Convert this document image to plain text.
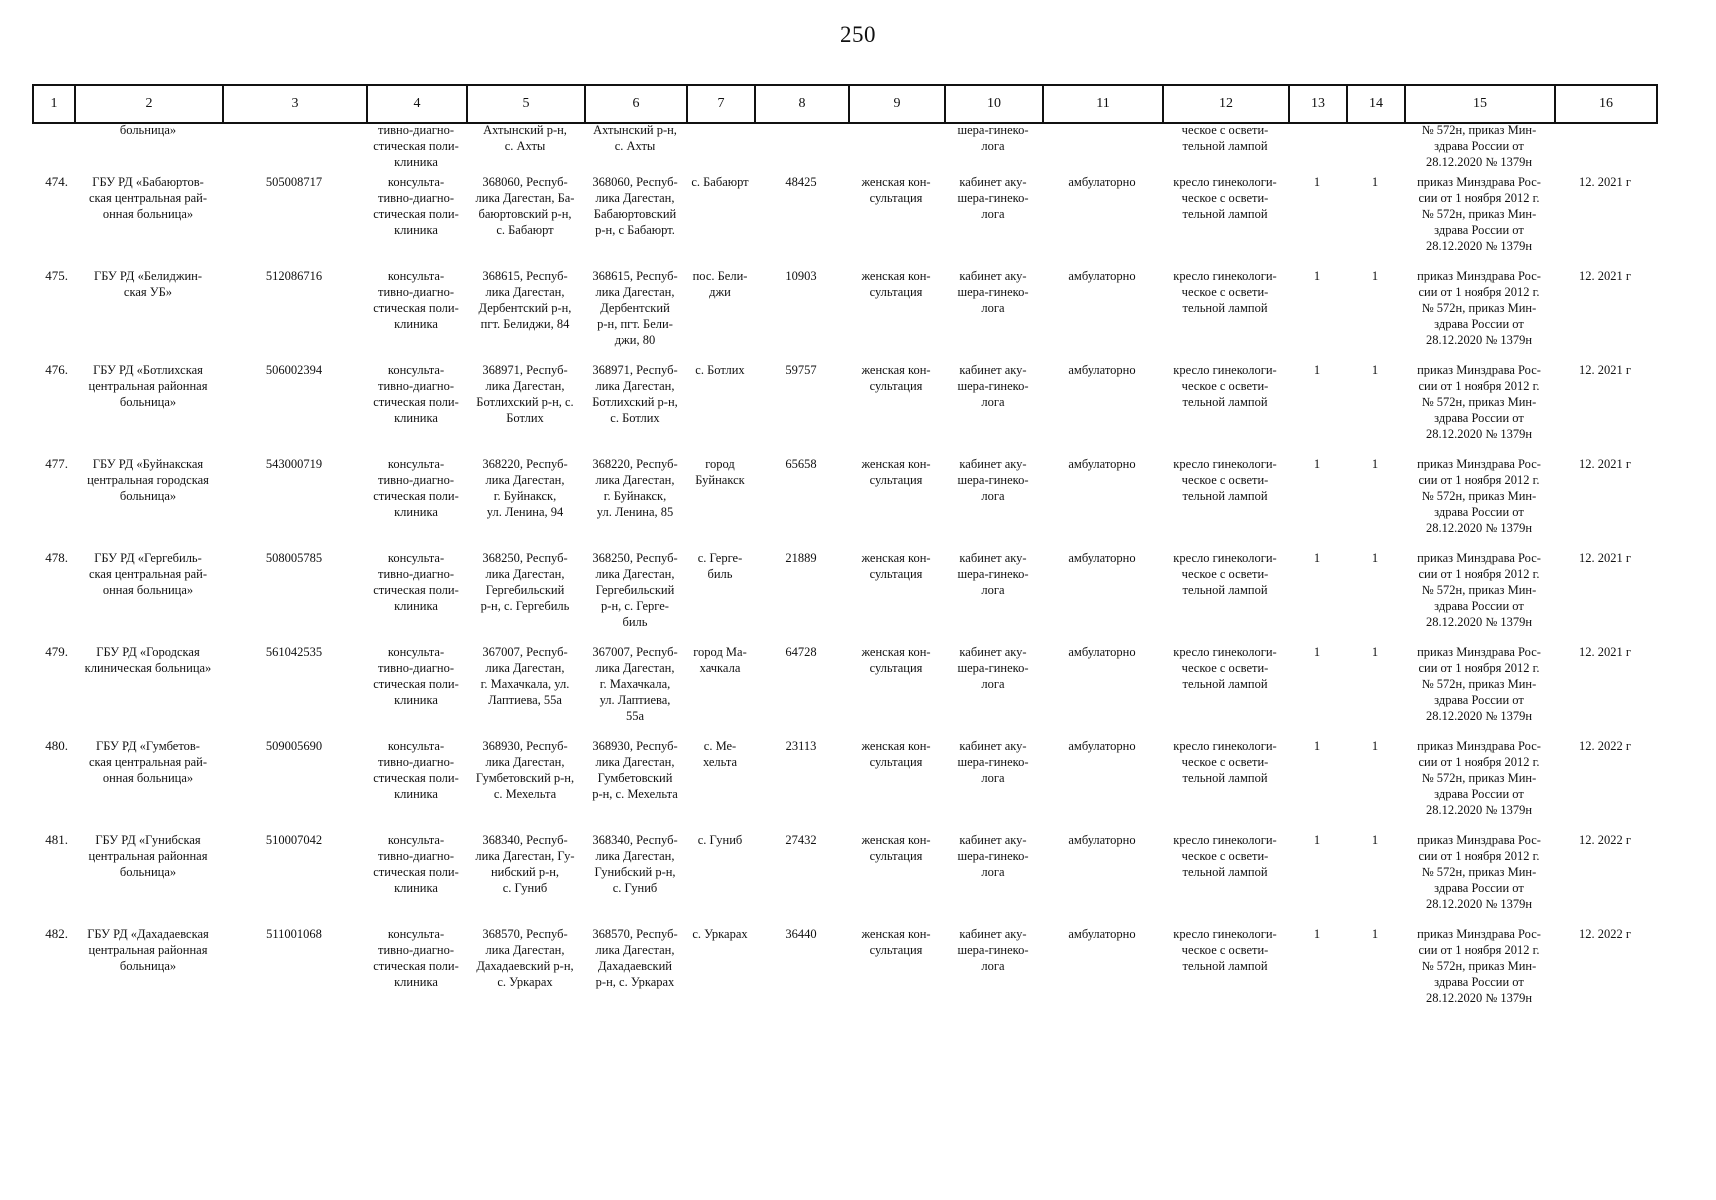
250
1	2	3	4	5	6	7	8	9	10	11	12	13	14	15	16
	больница»		тивно-диагно-
стическая поли-
клиника	Ахтынский р-н,
с. Ахты	Ахтынский р-н,
с. Ахты				шера-гинеко-
лога		ческое с освети-
тельной лампой			№ 572н, приказ Мин-
здрава России от
28.12.2020 № 1379н	
474.	ГБУ РД «Бабаюртов-
ская центральная рай-
онная больница»	505008717	консульта-
тивно-диагно-
стическая поли-
клиника	368060, Респуб-
лика Дагестан, Ба-
баюртовский р-н,
с. Бабаюрт	368060, Респуб-
лика Дагестан,
Бабаюртовский
р-н, с Бабаюрт.	с. Бабаюрт	48425	женская кон-
сультация	кабинет аку-
шера-гинеко-
лога	амбулаторно	кресло гинекологи-
ческое с освети-
тельной лампой	1	1	приказ Минздрава Рос-
сии от 1 ноября 2012 г.
№ 572н, приказ Мин-
здрава России от
28.12.2020 № 1379н	12. 2021 г
475.	ГБУ РД «Белиджин-
ская УБ»	512086716	консульта-
тивно-диагно-
стическая поли-
клиника	368615, Респуб-
лика Дагестан,
Дербентский р-н,
пгт. Белиджи, 84	368615, Респуб-
лика Дагестан,
Дербентский
р-н, пгт. Бели-
джи, 80	пос. Бели-
джи	10903	женская кон-
сультация	кабинет аку-
шера-гинеко-
лога	амбулаторно	кресло гинекологи-
ческое с освети-
тельной лампой	1	1	приказ Минздрава Рос-
сии от 1 ноября 2012 г.
№ 572н, приказ Мин-
здрава России от
28.12.2020 № 1379н	12. 2021 г
476.	ГБУ РД «Ботлихская
центральная районная
больница»	506002394	консульта-
тивно-диагно-
стическая поли-
клиника	368971, Респуб-
лика Дагестан,
Ботлихский р-н, с.
Ботлих	368971, Респуб-
лика Дагестан,
Ботлихский р-н,
с. Ботлих	с. Ботлих	59757	женская кон-
сультация	кабинет аку-
шера-гинеко-
лога	амбулаторно	кресло гинекологи-
ческое с освети-
тельной лампой	1	1	приказ Минздрава Рос-
сии от 1 ноября 2012 г.
№ 572н, приказ Мин-
здрава России от
28.12.2020 № 1379н	12. 2021 г
477.	ГБУ РД «Буйнакская
центральная городская
больница»	543000719	консульта-
тивно-диагно-
стическая поли-
клиника	368220, Респуб-
лика Дагестан,
г. Буйнакск,
ул. Ленина, 94	368220, Респуб-
лика Дагестан,
г. Буйнакск,
ул. Ленина, 85	город
Буйнакск	65658	женская кон-
сультация	кабинет аку-
шера-гинеко-
лога	амбулаторно	кресло гинекологи-
ческое с освети-
тельной лампой	1	1	приказ Минздрава Рос-
сии от 1 ноября 2012 г.
№ 572н, приказ Мин-
здрава России от
28.12.2020 № 1379н	12. 2021 г
478.	ГБУ РД «Гергебиль-
ская центральная рай-
онная больница»	508005785	консульта-
тивно-диагно-
стическая поли-
клиника	368250, Респуб-
лика Дагестан,
Гергебильский
р-н, с. Гергебиль	368250, Респуб-
лика Дагестан,
Гергебильский
р-н, с. Герге-
биль	с. Герге-
биль	21889	женская кон-
сультация	кабинет аку-
шера-гинеко-
лога	амбулаторно	кресло гинекологи-
ческое с освети-
тельной лампой	1	1	приказ Минздрава Рос-
сии от 1 ноября 2012 г.
№ 572н, приказ Мин-
здрава России от
28.12.2020 № 1379н	12. 2021 г
479.	ГБУ РД «Городская
клиническая больница»	561042535	консульта-
тивно-диагно-
стическая поли-
клиника	367007, Респуб-
лика Дагестан,
г. Махачкала, ул.
Лаптиева, 55а	367007, Респуб-
лика Дагестан,
г. Махачкала,
ул. Лаптиева,
55а	город Ма-
хачкала	64728	женская кон-
сультация	кабинет аку-
шера-гинеко-
лога	амбулаторно	кресло гинекологи-
ческое с освети-
тельной лампой	1	1	приказ Минздрава Рос-
сии от 1 ноября 2012 г.
№ 572н, приказ Мин-
здрава России от
28.12.2020 № 1379н	12. 2021 г
480.	ГБУ РД «Гумбетов-
ская центральная рай-
онная больница»	509005690	консульта-
тивно-диагно-
стическая поли-
клиника	368930, Респуб-
лика Дагестан,
Гумбетовский р-н,
с. Мехельта	368930, Респуб-
лика Дагестан,
Гумбетовский
р-н, с. Мехельта	с. Ме-
хельта	23113	женская кон-
сультация	кабинет аку-
шера-гинеко-
лога	амбулаторно	кресло гинекологи-
ческое с освети-
тельной лампой	1	1	приказ Минздрава Рос-
сии от 1 ноября 2012 г.
№ 572н, приказ Мин-
здрава России от
28.12.2020 № 1379н	12. 2022 г
481.	ГБУ РД «Гунибская
центральная районная
больница»	510007042	консульта-
тивно-диагно-
стическая поли-
клиника	368340, Респуб-
лика Дагестан, Гу-
нибский р-н,
с. Гуниб	368340, Респуб-
лика Дагестан,
Гунибский р-н,
с. Гуниб	с. Гуниб	27432	женская кон-
сультация	кабинет аку-
шера-гинеко-
лога	амбулаторно	кресло гинекологи-
ческое с освети-
тельной лампой	1	1	приказ Минздрава Рос-
сии от 1 ноября 2012 г.
№ 572н, приказ Мин-
здрава России от
28.12.2020 № 1379н	12. 2022 г
482.	ГБУ РД «Дахадаевская
центральная районная
больница»	511001068	консульта-
тивно-диагно-
стическая поли-
клиника	368570, Респуб-
лика Дагестан,
Дахадаевский р-н,
с. Уркарах	368570, Респуб-
лика Дагестан,
Дахадаевский
р-н, с. Уркарах	с. Уркарах	36440	женская кон-
сультация	кабинет аку-
шера-гинеко-
лога	амбулаторно	кресло гинекологи-
ческое с освети-
тельной лампой	1	1	приказ Минздрава Рос-
сии от 1 ноября 2012 г.
№ 572н, приказ Мин-
здрава России от
28.12.2020 № 1379н	12. 2022 г
